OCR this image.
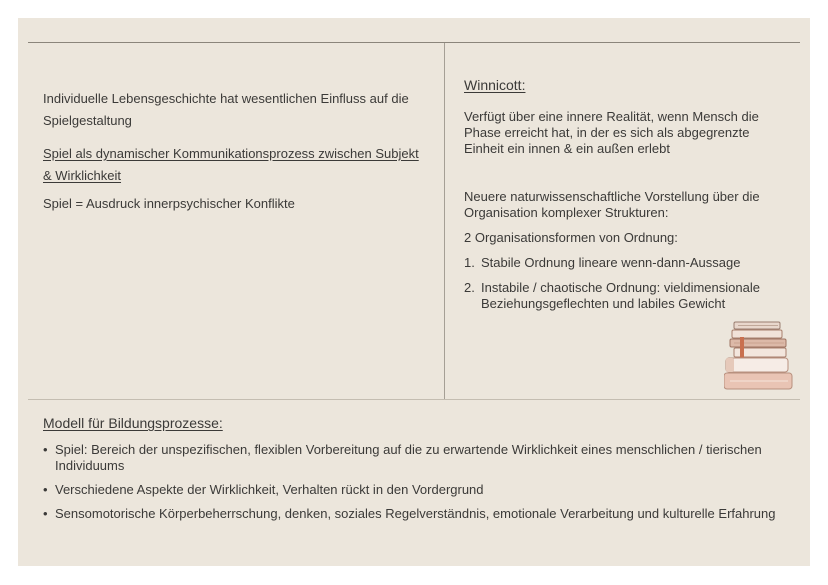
Individuelle Lebensgeschichte hat wesentlichen Einfluss auf die Spielgestaltung

Spiel als dynamischer Kommunikationsprozess zwischen Subjekt & Wirklichkeit

Spiel = Ausdruck innerpsychischer Konflikte

Winnicott:

Verfügt über eine innere Realität, wenn Mensch die Phase erreicht hat, in der es sich als abgegrenzte Einheit ein innen & ein außen erlebt

Neuere naturwissenschaftliche Vorstellung über die Organisation komplexer Strukturen:

2 Organisationsformen von Ordnung:

1. Stabile Ordnung lineare wenn-dann-Aussage
2. Instabile / chaotische Ordnung: vieldimensionale Beziehungsgeflechten und labiles Gewicht

Modell für Bildungsprozesse:

• Spiel: Bereich der unspezifischen, flexiblen Vorbereitung auf die zu erwartende Wirklichkeit eines menschlichen / tierischen Individuums
• Verschiedene Aspekte der Wirklichkeit, Verhalten rückt in den Vordergrund
• Sensomotorische Körperbeherrschung, denken, soziales Regelverständnis, emotionale Verarbeitung und kulturelle Erfahrung
